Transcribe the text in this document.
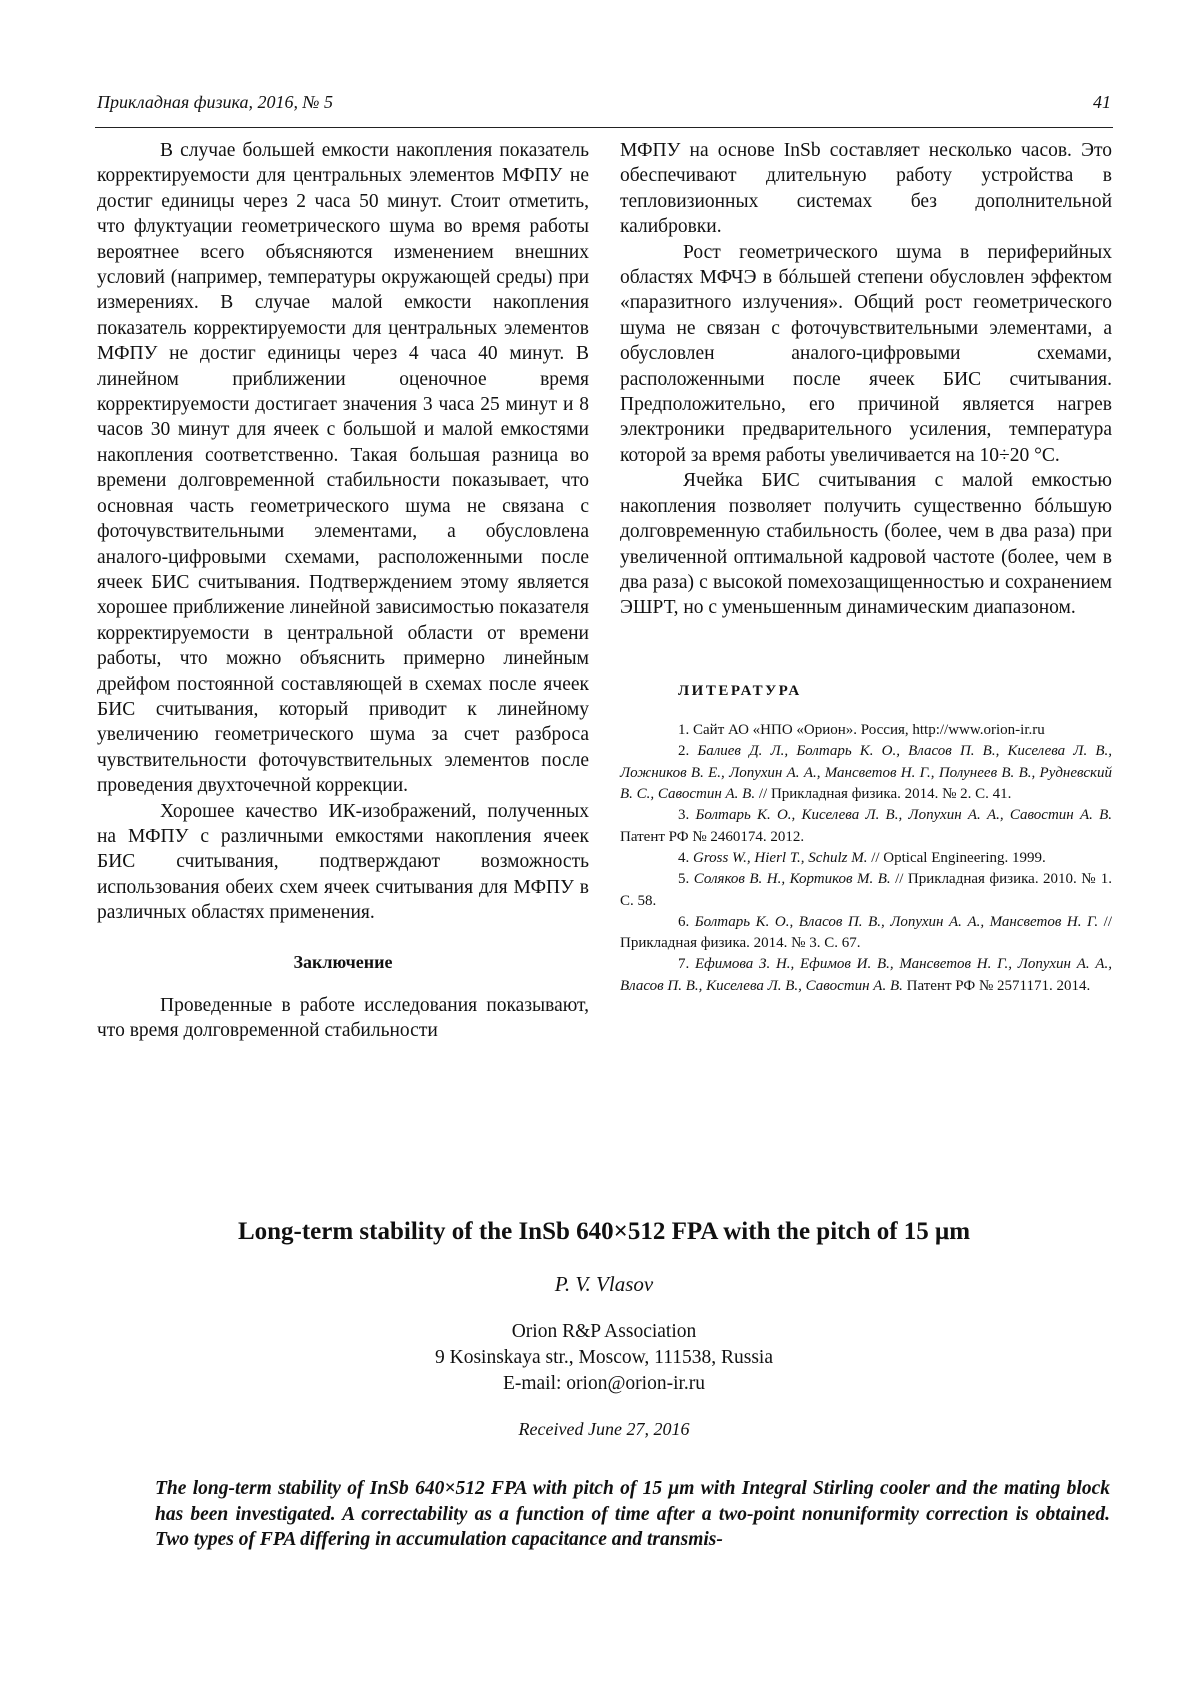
Прикладная физика, 2016, № 5	41

В случае большей емкости накопления показатель корректируемости для центральных элементов МФПУ не достиг единицы через 2 часа 50 минут. Стоит отметить, что флуктуации геометрического шума во время работы вероятнее всего объясняются изменением внешних условий (например, температуры окружающей среды) при измерениях. В случае малой емкости накопления показатель корректируемости для центральных элементов МФПУ не достиг единицы через 4 часа 40 минут. В линейном приближении оценочное время корректируемости достигает значения 3 часа 25 минут и 8 часов 30 минут для ячеек с большой и малой емкостями накопления соответственно. Такая большая разница во времени долговременной стабильности показывает, что основная часть геометрического шума не связана с фоточувствительными элементами, а обусловлена аналого-цифровыми схемами, расположенными после ячеек БИС считывания. Подтверждением этому является хорошее приближение линейной зависимостью показателя корректируемости в центральной области от времени работы, что можно объяснить примерно линейным дрейфом постоянной составляющей в схемах после ячеек БИС считывания, который приводит к линейному увеличению геометрического шума за счет разброса чувствительности фоточувствительных элементов после проведения двухточечной коррекции.

Хорошее качество ИК-изображений, полученных на МФПУ с различными емкостями накопления ячеек БИС считывания, подтверждают возможность использования обеих схем ячеек считывания для МФПУ в различных областях применения.

Заключение

Проведенные в работе исследования показывают, что время долговременной стабильности

МФПУ на основе InSb составляет несколько часов. Это обеспечивают длительную работу устройства в тепловизионных системах без дополнительной калибровки.

Рост геометрического шума в периферийных областях МФЧЭ в бóльшей степени обусловлен эффектом «паразитного излучения». Общий рост геометрического шума не связан с фоточувствительными элементами, а обусловлен аналого-цифровыми схемами, расположенными после ячеек БИС считывания. Предположительно, его причиной является нагрев электроники предварительного усиления, температура которой за время работы увеличивается на 10÷20 °С.

Ячейка БИС считывания с малой емкостью накопления позволяет получить существенно бóльшую долговременную стабильность (более, чем в два раза) при увеличенной оптимальной кадровой частоте (более, чем в два раза) с высокой помехозащищенностью и сохранением ЭШРТ, но с уменьшенным динамическим диапазоном.

ЛИТЕРАТУРА

1. Сайт АО «НПО «Орион». Россия, http://www.orion-ir.ru

2. Балиев Д. Л., Болтарь К. О., Власов П. В., Киселева Л. В., Ложников В. Е., Лопухин А. А., Мансветов Н. Г., Полунеев В. В., Рудневский В. С., Савостин А. В. // Прикладная физика. 2014. № 2. С. 41.

3. Болтарь К. О., Киселева Л. В., Лопухин А. А., Савостин А. В. Патент РФ № 2460174. 2012.

4. Gross W., Hierl T., Schulz M. // Optical Engineering. 1999.

5. Соляков В. Н., Кортиков М. В. // Прикладная физика. 2010. № 1. С. 58.

6. Болтарь К. О., Власов П. В., Лопухин А. А., Мансветов Н. Г. // Прикладная физика. 2014. № 3. С. 67.

7. Ефимова З. Н., Ефимов И. В., Мансветов Н. Г., Лопухин А. А., Власов П. В., Киселева Л. В., Савостин А. В. Патент РФ № 2571171. 2014.

Long-term stability of the InSb 640×512 FPA with the pitch of 15 μm

P. V. Vlasov

Orion R&P Association
9 Kosinskaya str., Moscow, 111538, Russia
E-mail: orion@orion-ir.ru

Received June 27, 2016

The long-term stability of InSb 640×512 FPA with pitch of 15 μm with Integral Stirling cooler and the mating block has been investigated. A correctability as a function of time after a two-point nonuniformity correction is obtained. Two types of FPA differing in accumulation capacitance and transmis-
